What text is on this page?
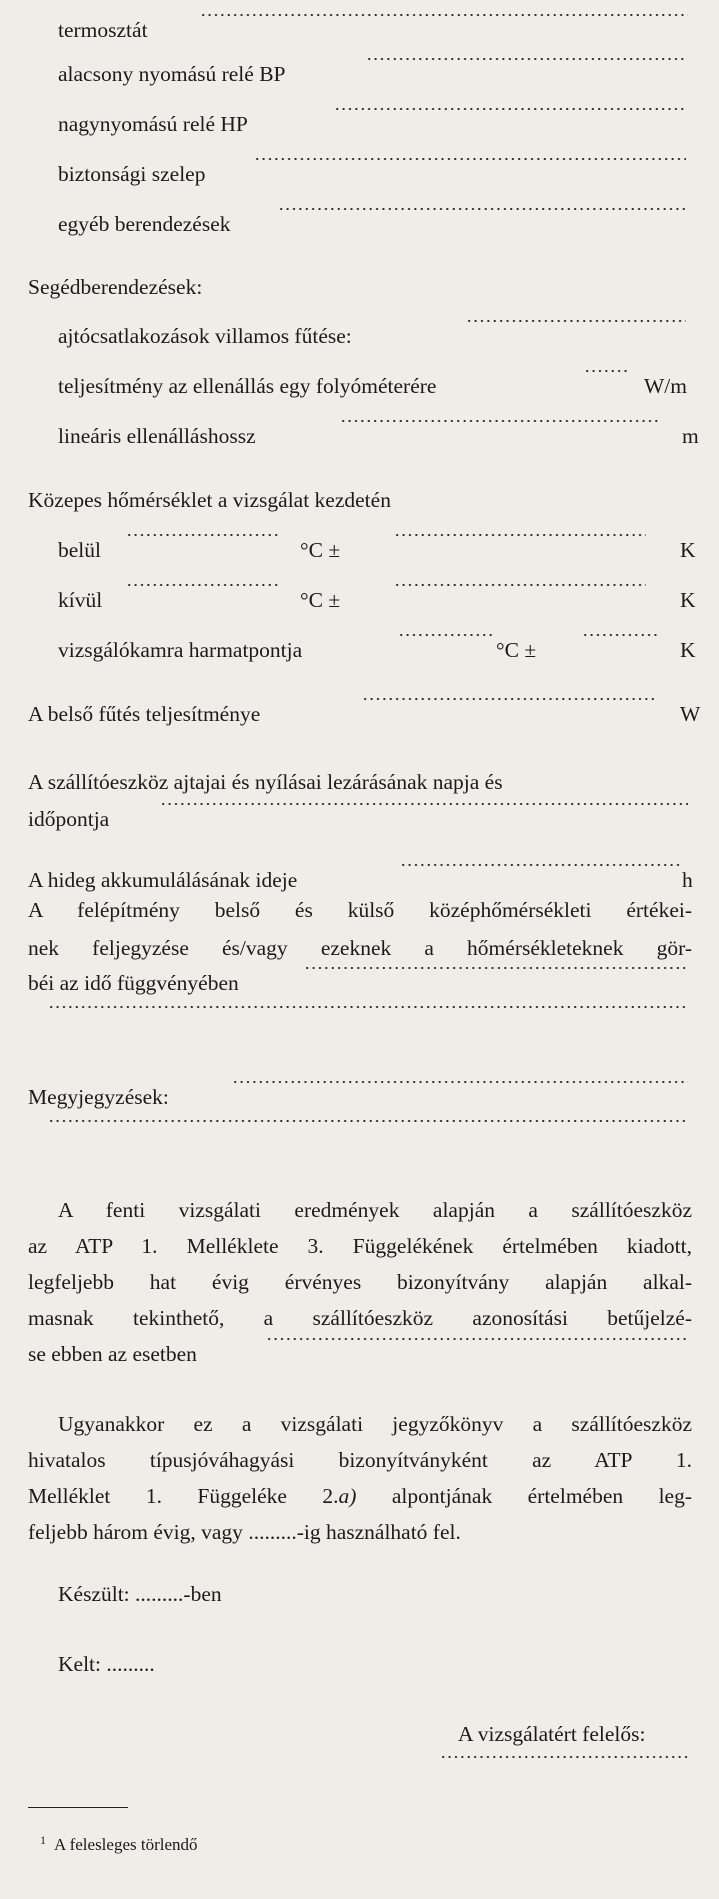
termosztát
alacsony nyomású relé BP
nagynyomású relé HP
biztonsági szelep
egyéb berendezések
Segédberendezések:
ajtócsatlakozások villamos fűtése:
teljesítmény az ellenállás egy folyóméterére	W/m
lineáris ellenálláshossz	m
Közepes hőmérséklet a vizsgálat kezdetén
belül	°C ±	K
kívül	°C ±	K
vizsgálókamra harmatpontja	°C ±	K
A belső fűtés teljesítménye	W
A szállítóeszköz ajtajai és nyílásai lezárásának napja és
időpontja
A hideg akkumulálásának ideje	h
A felépítmény belső és külső középhőmérsékleti értékei-
nek feljegyzése és/vagy ezeknek a hőmérsékleteknek gör-
béi az idő függvényében
Megyjegyzések:
A fenti vizsgálati eredmények alapján a szállítóeszköz
az ATP 1. Melléklete 3. Függelékének értelmében kiadott,
legfeljebb hat évig érvényes bizonyítvány alapján alkal-
masnak tekinthető, a szállítóeszköz azonosítási betűjelzé-
se ebben az esetben
Ugyanakkor ez a vizsgálati jegyzőkönyv a szállítóeszköz
hivatalos típusjóváhagyási bizonyítványként az ATP 1.
Melléklet 1. Függeléke 2.a) alpontjának értelmében leg-
feljebb három évig, vagy .........-ig használható fel.
Készült: .........-ben
Kelt: .........
A vizsgálatért felelős:
$^1$ A felesleges törlendő
